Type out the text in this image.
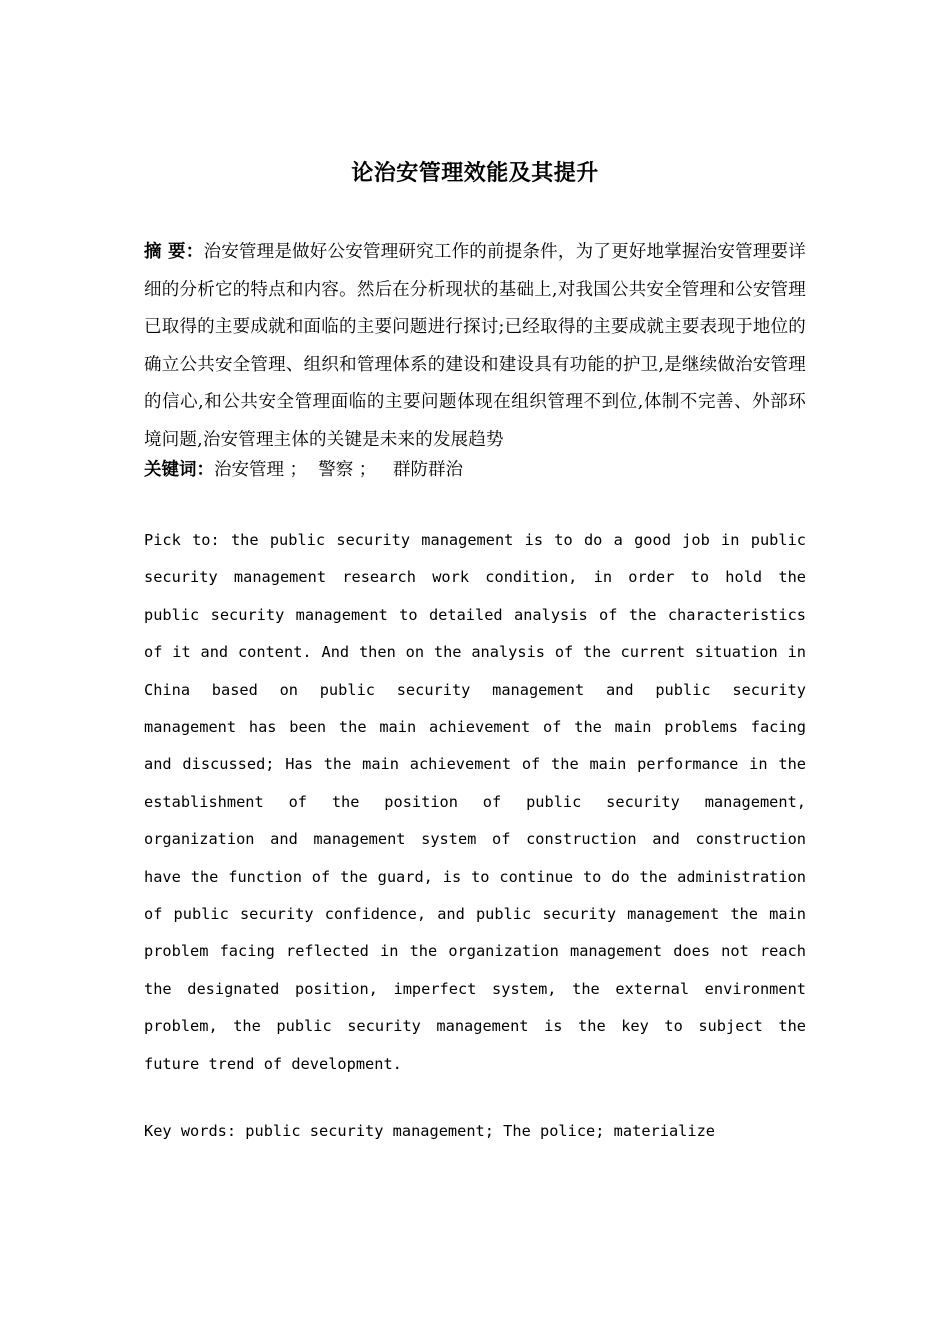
论治安管理效能及其提升
摘 要：治安管理是做好公安管理研究工作的前提条件，为了更好地掌握治安管理要详细的分析它的特点和内容。然后在分析现状的基础上,对我国公共安全管理和公安管理已取得的主要成就和面临的主要问题进行探讨;已经取得的主要成就主要表现于地位的确立公共安全管理、组织和管理体系的建设和建设具有功能的护卫,是继续做治安管理的信心,和公共安全管理面临的主要问题体现在组织管理不到位,体制不完善、外部环境问题,治安管理主体的关键是未来的发展趋势
关键词：治安管理 ；  警察 ；   群防群治
Pick to: the public security management is to do a good job in public security management research work condition, in order to hold the public security management to detailed analysis of the characteristics of it and content. And then on the analysis of the current situation in China based on public security management and public security management has been the main achievement of the main problems facing and discussed; Has the main achievement of the main performance in the establishment of the position of public security management, organization and management system of construction and construction have the function of the guard, is to continue to do the administration of public security confidence, and public security management the main problem facing reflected in the organization management does not reach the designated position, imperfect system, the external environment problem, the public security management is the key to subject the future trend of development.
Key words: public security management; The police; materialize
